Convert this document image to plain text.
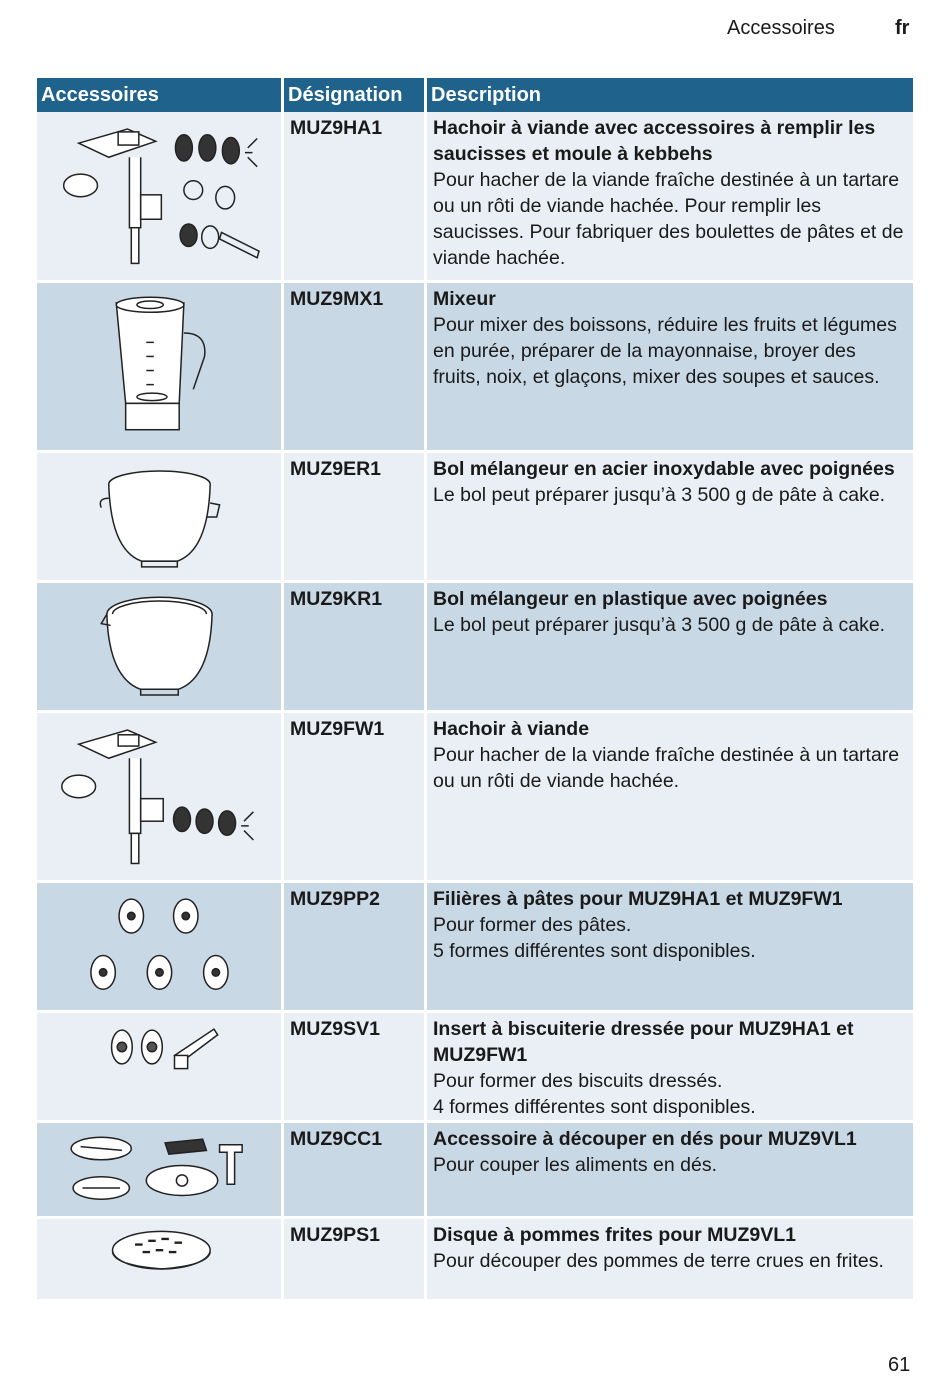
Accessoires	fr
Accessoires	Désignation	Description

	MUZ9HA1	Hachoir à viande avec accessoires à remplir les saucisses et moule à kebbehs
Pour hacher de la viande fraîche destinée à un tartare ou un rôti de viande hachée. Pour remplir les saucisses. Pour fabriquer des boulettes de pâtes et de viande hachée.

	MUZ9MX1	Mixeur
Pour mixer des boissons, réduire les fruits et légumes en purée, préparer de la mayonnaise, broyer des fruits, noix, et glaçons, mixer des soupes et sauces.

	MUZ9ER1	Bol mélangeur en acier inoxydable avec poignées
Le bol peut préparer jusqu’à 3 500 g de pâte à cake.

	MUZ9KR1	Bol mélangeur en plastique avec poignées
Le bol peut préparer jusqu’à 3 500 g de pâte à cake.

	MUZ9FW1	Hachoir à viande
Pour hacher de la viande fraîche destinée à un tartare ou un rôti de viande hachée.

	MUZ9PP2	Filières à pâtes pour MUZ9HA1 et MUZ9FW1
Pour former des pâtes.
5 formes différentes sont disponibles.

	MUZ9SV1	Insert à biscuiterie dressée pour MUZ9HA1 et MUZ9FW1
Pour former des biscuits dressés.
4 formes différentes sont disponibles.

	MUZ9CC1	Accessoire à découper en dés pour MUZ9VL1
Pour couper les aliments en dés.

	MUZ9PS1	Disque à pommes frites pour MUZ9VL1
Pour découper des pommes de terre crues en frites.
61
